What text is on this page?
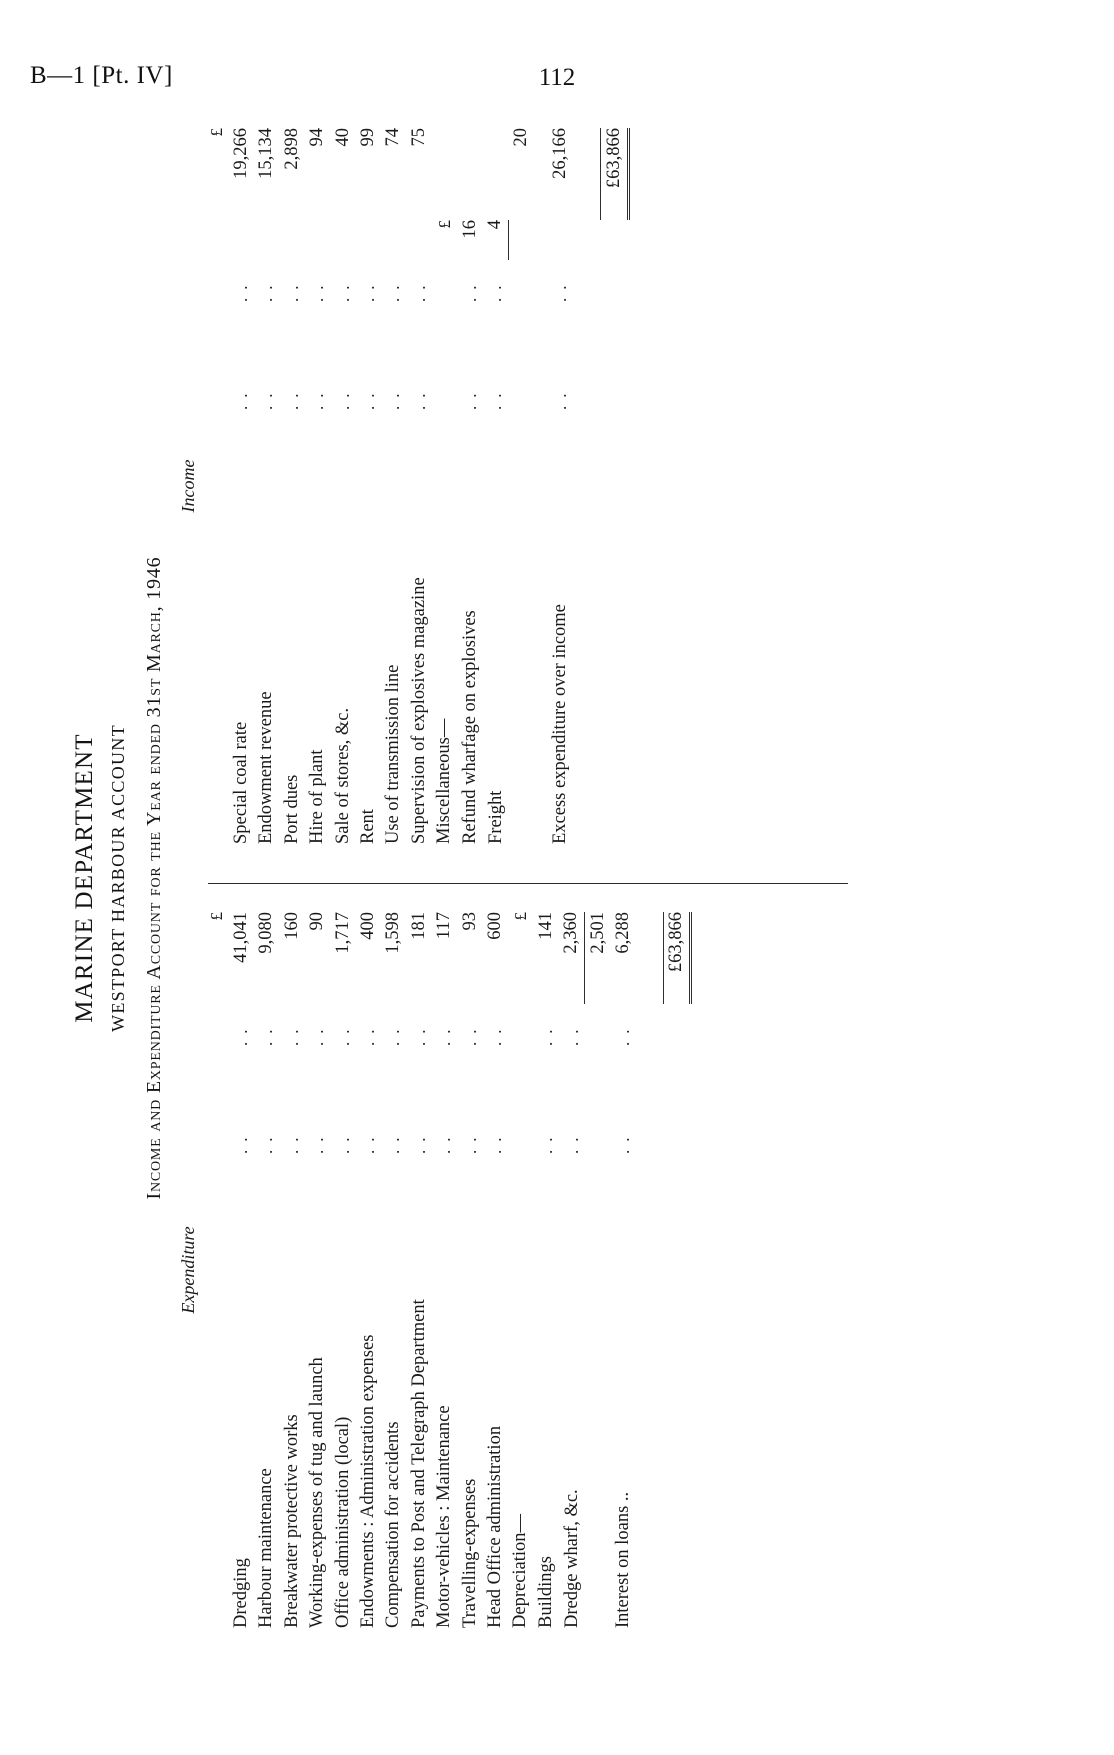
B—1 [Pt. IV]	112
MARINE DEPARTMENT WESTPORT HARBOUR ACCOUNT Income and Expenditure Account for the Year ended 31st March, 1946
Expenditure
			£
Dredging	..	..	41,041
Harbour maintenance	..	..	9,080
Breakwater protective works	..	..	160
Working-expenses of tug and launch	..	..	90
Office administration (local)	..	..	1,717
Endowments : Administration expenses	..	..	400
Compensation for accidents	..	..	1,598
Payments to Post and Telegraph Department	..	..	181
Motor-vehicles : Maintenance	..	..	117
Travelling-expenses	..	..	93
Head Office administration	..	..	600
Depreciation—			£
Buildings	..	..	141
Dredge wharf, &c.	..	..	2,360
			2,501
Interest on loans ..	..	..	6,288

			£63,866
Income
				£
Special coal rate	..	..		19,266
Endowment revenue	..	..		15,134
Port dues	..	..		2,898
Hire of plant	..	..		94
Sale of stores, &c.	..	..		40
Rent	..	..		99
Use of transmission line	..	..		74
Supervision of explosives magazine	..	..		75
Miscellaneous—			£	
Refund wharfage on explosives	..	..	16	
Freight	..	..	4	
				20

Excess expenditure over income	..	..		26,166

				£63,866
